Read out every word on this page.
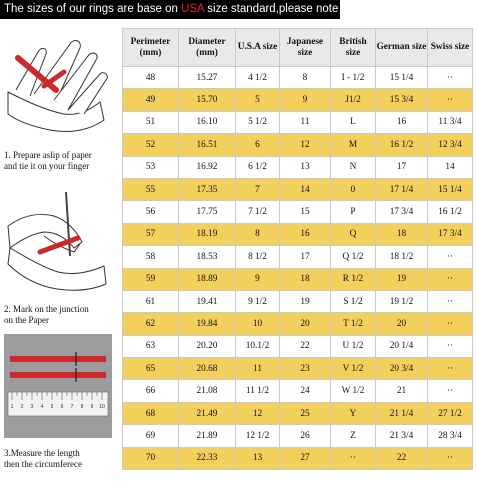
The sizes of our rings are base on USA size standard,please note
1. Prepare aslip of paper
and tie it on your finger
2. Mark on the junction
on the Paper
1 2 3 4 5 6 7 8 9 10
3.Measure the length
then the circumferece
Perimeter (mm)	Diameter (mm)	U.S.A size	Japanese size	British size	German size	Swiss size
48	15.27	4 1/2	8	I - 1/2	15 1/4	··
49	15.70	5	9	J1/2	15 3/4	··
51	16.10	5 1/2	11	L	16	11 3/4
52	16.51	6	12	M	16 1/2	12 3/4
53	16.92	6 1/2	13	N	17	14
55	17.35	7	14	0	17 1/4	15 1/4
56	17.75	7 1/2	15	P	17 3/4	16 1/2
57	18.19	8	16	Q	18	17 3/4
58	18.53	8 1/2	17	Q 1/2	18 1/2	··
59	18.89	9	18	R 1/2	19	··
61	19.41	9 1/2	19	S 1/2	19 1/2	··
62	19.84	10	20	T 1/2	20	··
63	20.20	10.1/2	22	U 1/2	20 1/4	··
65	20.68	11	23	V 1/2	20 3/4	··
66	21.08	11 1/2	24	W 1/2	21	··
68	21.49	12	25	Y	21 1/4	27 1/2
69	21.89	12 1/2	26	Z	21 3/4	28 3/4
70	22.33	13	27	··	22	··
